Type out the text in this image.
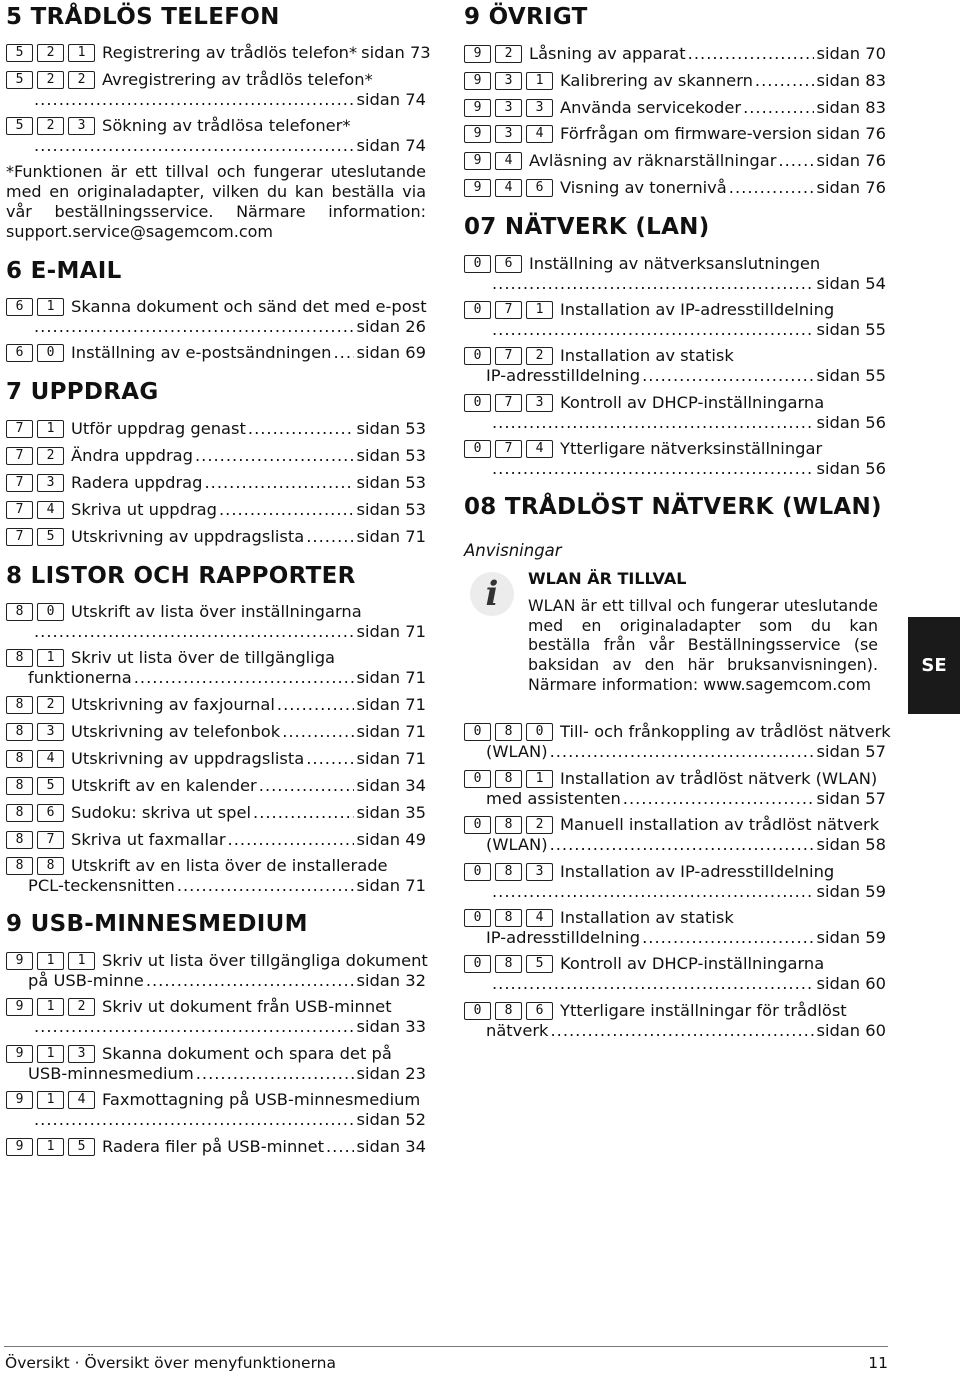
5 TRÅDLÖS TELEFON
5	2	1	Registrering av trådlös telefon* sidan 73
5	2	2	Avregistrering av trådlös telefon*
.....
sidan 74
5	2	3	Sökning av trådlösa telefoner*
.....
sidan 74
*Funktionen är ett tillval och fungerar uteslutande med en originaladapter, vilken du kan beställa via vår beställningsservice. Närmare information: support.service@sagemcom.com
6 E-MAIL
6	1	Skanna dokument och sänd det med e-post
.....
sidan 26
6	0	Inställning av e-postsändningen ..... sidan 69
7 UPPDRAG
7	1	Utför uppdrag genast .....	sidan 53
7	2	Ändra uppdrag .....	sidan 53
7	3	Radera uppdrag .....	sidan 53
7	4	Skriva ut uppdrag .....	sidan 53
7	5	Utskrivning av uppdragslista .....	sidan 71
8 LISTOR OCH RAPPORTER
8	0	Utskrift av lista över inställningarna
.....
sidan 71
8	1	Skriv ut lista över de tillgängliga
funktionerna .....	sidan 71
8	2	Utskrivning av faxjournal .....	sidan 71
8	3	Utskrivning av telefonbok .....	sidan 71
8	4	Utskrivning av uppdragslista .....	sidan 71
8	5	Utskrift av en kalender .....	sidan 34
8	6	Sudoku: skriva ut spel .....	sidan 35
8	7	Skriva ut faxmallar .....	sidan 49
8	8	Utskrift av en lista över de installerade
PCL-teckensnitten .....	sidan 71
9 USB-MINNESMEDIUM
9	1	1	Skriv ut lista över tillgängliga dokument
på USB-minne .....	sidan 32
9	1	2	Skriv ut dokument från USB-minnet
.....
sidan 33
9	1	3	Skanna dokument och spara det på
USB-minnesmedium .....	sidan 23
9	1	4	Faxmottagning på USB-minnesmedium
.....
sidan 52
9	1	5	Radera filer på USB-minnet ..... sidan 34
9 ÖVRIGT
9	2	Låsning av apparat .....	sidan 70
9	3	1	Kalibrering av skannern .....	sidan 83
9	3	3	Använda servicekoder .....	sidan 83
9	3	4	Förfrågan om firmware-version ..... sidan 76
9	4	Avläsning av räknarställningar ..... sidan 76
9	4	6	Visning av tonernivå .....	sidan 76
07 NÄTVERK (LAN)
0	6	Inställning av nätverksanslutningen
.....
sidan 54
0	7	1	Installation av IP-adresstilldelning
.....
sidan 55
0	7	2	Installation av statisk
IP-adresstilldelning .....	sidan 55
0	7	3	Kontroll av DHCP-inställningarna
.....
sidan 56
0	7	4	Ytterligare nätverksinställningar
.....
sidan 56
08 TRÅDLÖST NÄTVERK (WLAN)
Anvisningar
WLAN ÄR TILLVAL
WLAN är ett tillval och fungerar uteslutande med en originaladapter som du kan beställa från vår Beställningsservice (se baksidan av den här bruksanvisningen). Närmare information: www.sagemcom.com
0	8	0	Till- och frånkoppling av trådlöst nätverk
(WLAN) .....	sidan 57
0	8	1	Installation av trådlöst nätverk (WLAN)
med assistenten .....	sidan 57
0	8	2	Manuell installation av trådlöst nätverk
(WLAN) .....	sidan 58
0	8	3	Installation av IP-adresstilldelning
.....
sidan 59
0	8	4	Installation av statisk
IP-adresstilldelning .....	sidan 59
0	8	5	Kontroll av DHCP-inställningarna
.....
sidan 60
0	8	6	Ytterligare inställningar för trådlöst
nätverk .....	sidan 60
i
SE
Översikt · Översikt över menyfunktionerna	11
